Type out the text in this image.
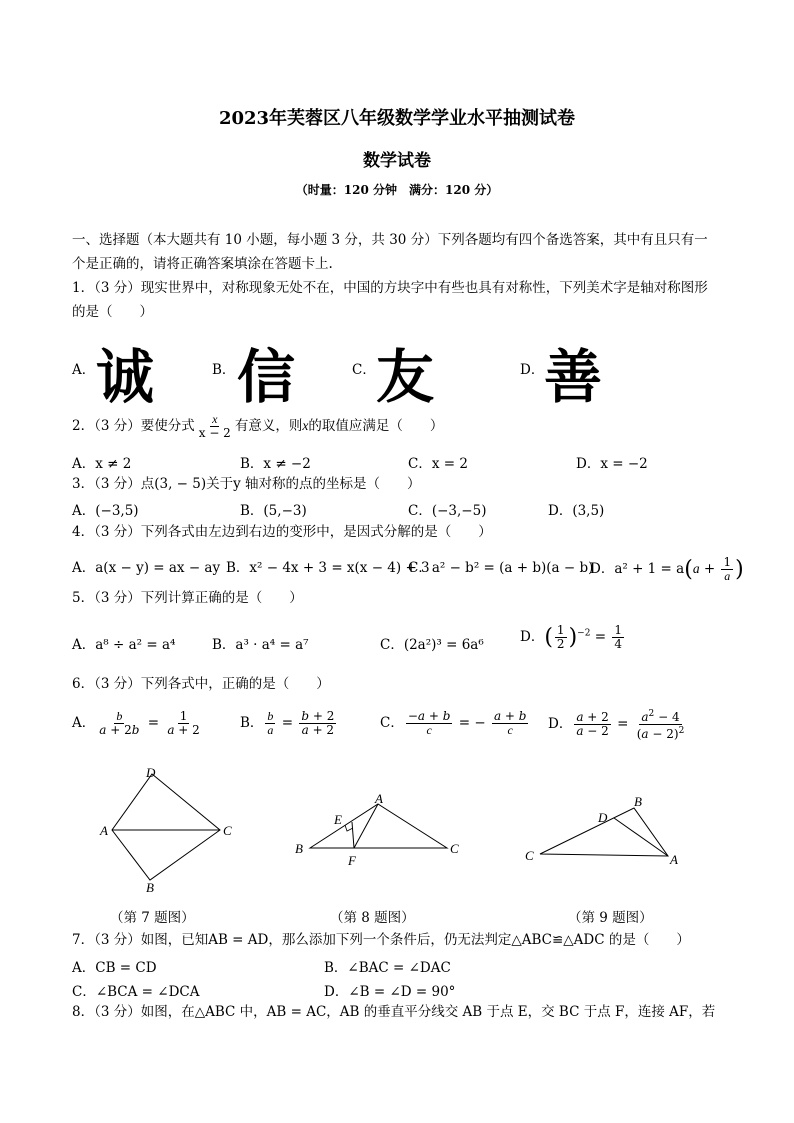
2023年芙蓉区八年级数学学业水平抽测试卷
数学试卷
（时量：120 分钟　满分：120 分）
一、选择题（本大题共有 10 小题，每小题 3 分，共 30 分）下列各题均有四个备选答案，其中有且只有一
个是正确的，请将正确答案填涂在答题卡上.
1．（3 分）现实世界中，对称现象无处不在，中国的方块字中有些也具有对称性，下列美术字是轴对称图形
的是（　　）
A． 诚	B． 信	C． 友	D． 善
2．（3 分）要使分式 $\frac{x}{x - 2}$ 有意义，则x的取值应满足（　　）
A．x ≠ 2	B．x ≠ −2	C．x = 2	D．x = −2
3．（3 分）点(3, − 5)关于y 轴对称的点的坐标是（　　）
A．(−3,5)	B．(5,−3)	C．(−3,−5)	D．(3,5)
4．（3 分）下列各式由左边到右边的变形中，是因式分解的是（　　）
A．a(x − y) = ax − ay B．x² − 4x + 3 = x(x − 4) + 3
C．a² − b² = (a + b)(a − b)
D．$a^2 + 1 = a(a + \frac{1}{a}$ )
5．（3 分）下列计算正确的是（　　）
A．a⁸ ÷ a² = a⁴	B．a³ · a⁴ = a⁷	C．(2a²)³ = 6a⁶	D．( $\frac{1}{2} )^{-2} = \frac{1}{4}$
6．（3 分）下列各式中，正确的是（　　）
A． $\frac{b}{a + 2b} = \frac{1}{a + 2}$	B． $\frac{b}{a} = \frac{b + 2}{a + 2}$	C． $\frac{-a + b}{c}$ = − $\frac{a + b}{c}$ D． $\frac{a + 2}{a - 2} = \frac{a^2 - 4}{(a - 2)^2}$
D
A	C
B
A
E
B
F
C
B
D
C	A
（第 7 题图）	（第 8 题图）	（第 9 题图）
7．（3 分）如图，已知AB = AD，那么添加下列一个条件后，仍无法判定△ABC≌△ADC 的是（　　）
A．CB = CD	B．∠BAC = ∠DAC
C．∠BCA = ∠DCA	D．∠B = ∠D = 90°
8．（3 分）如图，在△ABC 中，AB = AC，AB 的垂直平分线交 AB 于点 E，交 BC 于点 F，连接 AF，若
